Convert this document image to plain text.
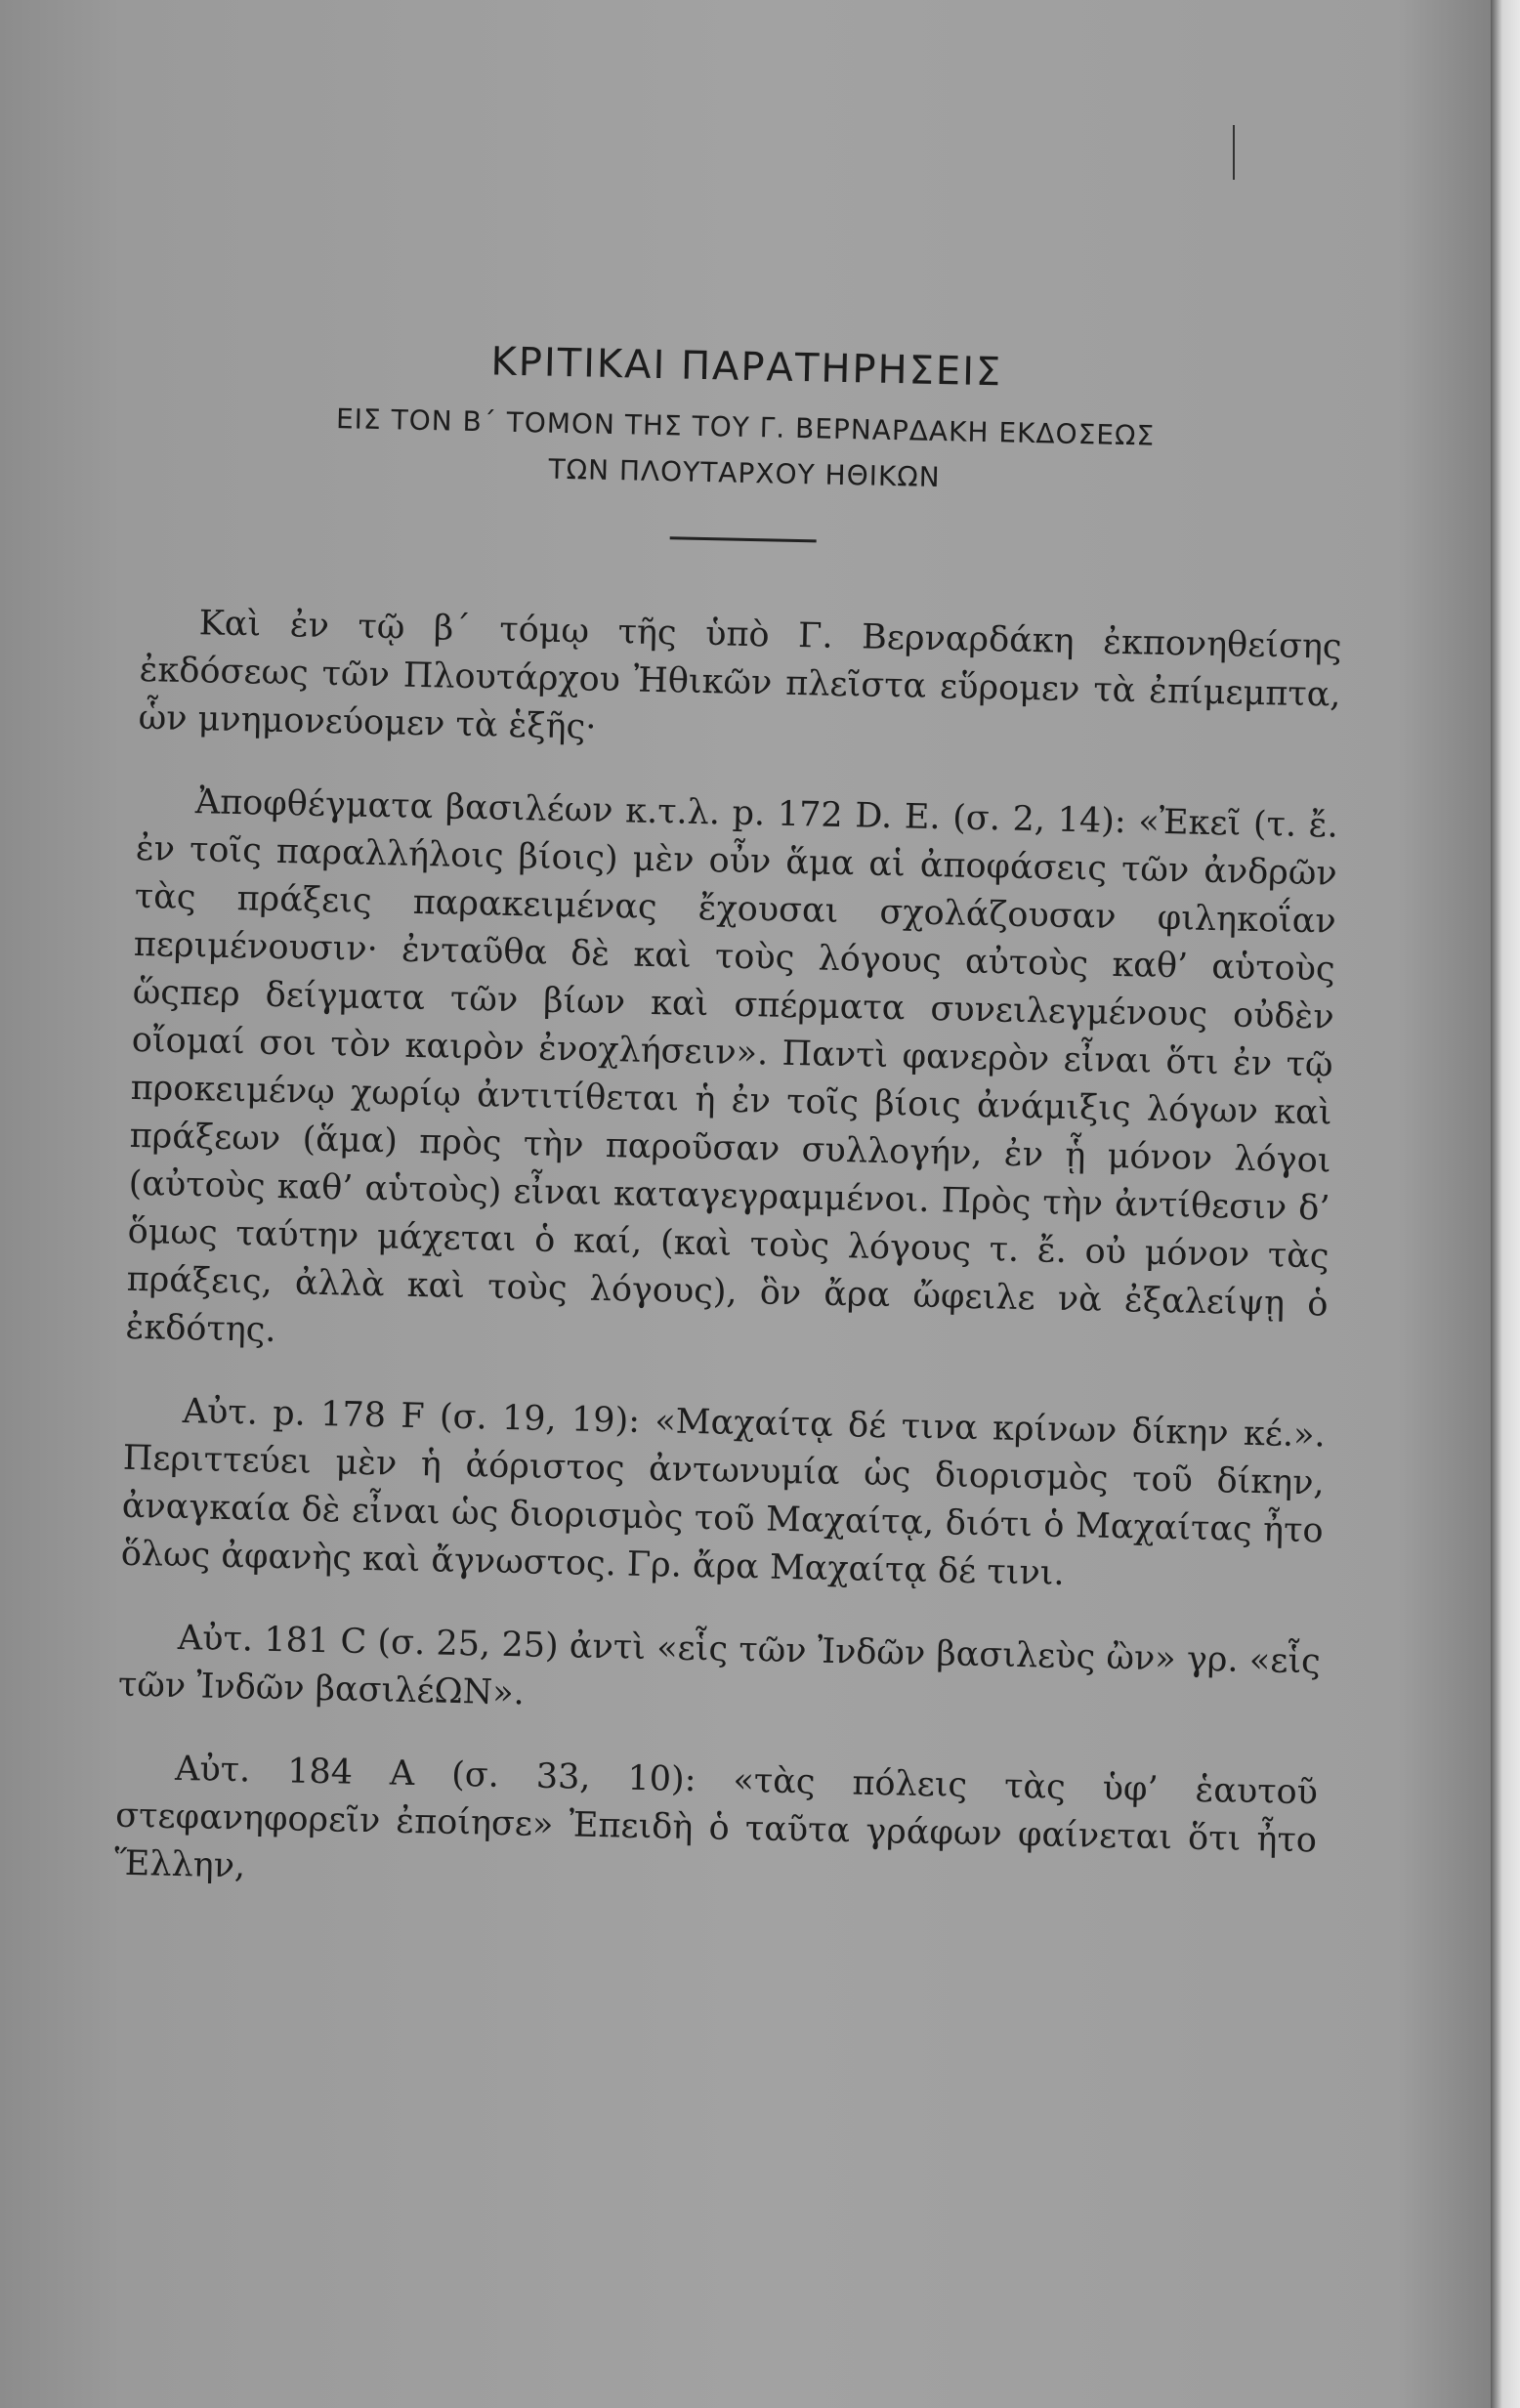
ΚΡΙΤΙΚΑΙ ΠΑΡΑΤΗΡΗΣΕΙΣ
ΕΙΣ ΤΟΝ Β΄ ΤΟΜΟΝ ΤΗΣ ΤΟΥ Γ. ΒΕΡΝΑΡΔΑΚΗ ΕΚΔΟΣΕΩΣ
ΤΩΝ ΠΛΟΥΤΑΡΧΟΥ ΗΘΙΚΩΝ

Καὶ ἐν τῷ β΄ τόμῳ τῆς ὑπὸ Γ. Βερναρδάκη ἐκπονηθείσης ἐκδόσεως τῶν Πλουτάρχου Ἠθικῶν πλεῖστα εὕρομεν τὰ ἐπίμεμπτα, ὧν μνημονεύομεν τὰ ἑξῆς·

Ἀποφθέγματα βασιλέων κ.τ.λ. p. 172 D. E. (σ. 2, 14): «Ἐκεῖ (τ. ἔ. ἐν τοῖς παραλλήλοις βίοις) μὲν οὖν ἅμα αἱ ἀποφάσεις τῶν ἀνδρῶν τὰς πράξεις παρακειμένας ἔχουσαι σχολάζουσαν φιληκοΐαν περιμένουσιν· ἐνταῦθα δὲ καὶ τοὺς λόγους αὐτοὺς καθ’ αὑτοὺς ὥςπερ δείγματα τῶν βίων καὶ σπέρματα συνειλεγμένους οὐδὲν οἴομαί σοι τὸν καιρὸν ἐνοχλήσειν». Παντὶ φανερὸν εἶναι ὅτι ἐν τῷ προκειμένῳ χωρίῳ ἀντιτίθεται ἡ ἐν τοῖς βίοις ἀνάμιξις λόγων καὶ πράξεων (ἅμα) πρὸς τὴν παροῦσαν συλλογήν, ἐν ᾗ μόνον λόγοι (αὐτοὺς καθ’ αὑτοὺς) εἶναι καταγεγραμμένοι. Πρὸς τὴν ἀντίθεσιν δ’ ὅμως ταύτην μάχεται ὁ καί, (καὶ τοὺς λόγους τ. ἔ. οὐ μόνον τὰς πράξεις, ἀλλὰ καὶ τοὺς λόγους), ὃν ἄρα ὤφειλε νὰ ἐξαλείψῃ ὁ ἐκδότης.

Αὐτ. p. 178 F (σ. 19, 19): «Μαχαίτᾳ δέ τινα κρίνων δίκην κέ.». Περιττεύει μὲν ἡ ἀόριστος ἀντωνυμία ὡς διορισμὸς τοῦ δίκην, ἀναγκαία δὲ εἶναι ὡς διορισμὸς τοῦ Μαχαίτᾳ, διότι ὁ Μαχαίτας ἦτο ὅλως ἀφανὴς καὶ ἄγνωστος. Γρ. ἄρα Μαχαίτᾳ δέ τινι.

Αὐτ. 181 C (σ. 25, 25) ἀντὶ «εἷς τῶν Ἰνδῶν βασιλεὺς ὢν» γρ. «εἷς τῶν Ἰνδῶν βασιλέΩΝ».

Αὐτ. 184 A (σ. 33, 10): «τὰς πόλεις τὰς ὑφ’ ἑαυτοῦ στεφανηφορεῖν ἐποίησε» Ἐπειδὴ ὁ ταῦτα γράφων φαίνεται ὅτι ἦτο Ἕλλην,
